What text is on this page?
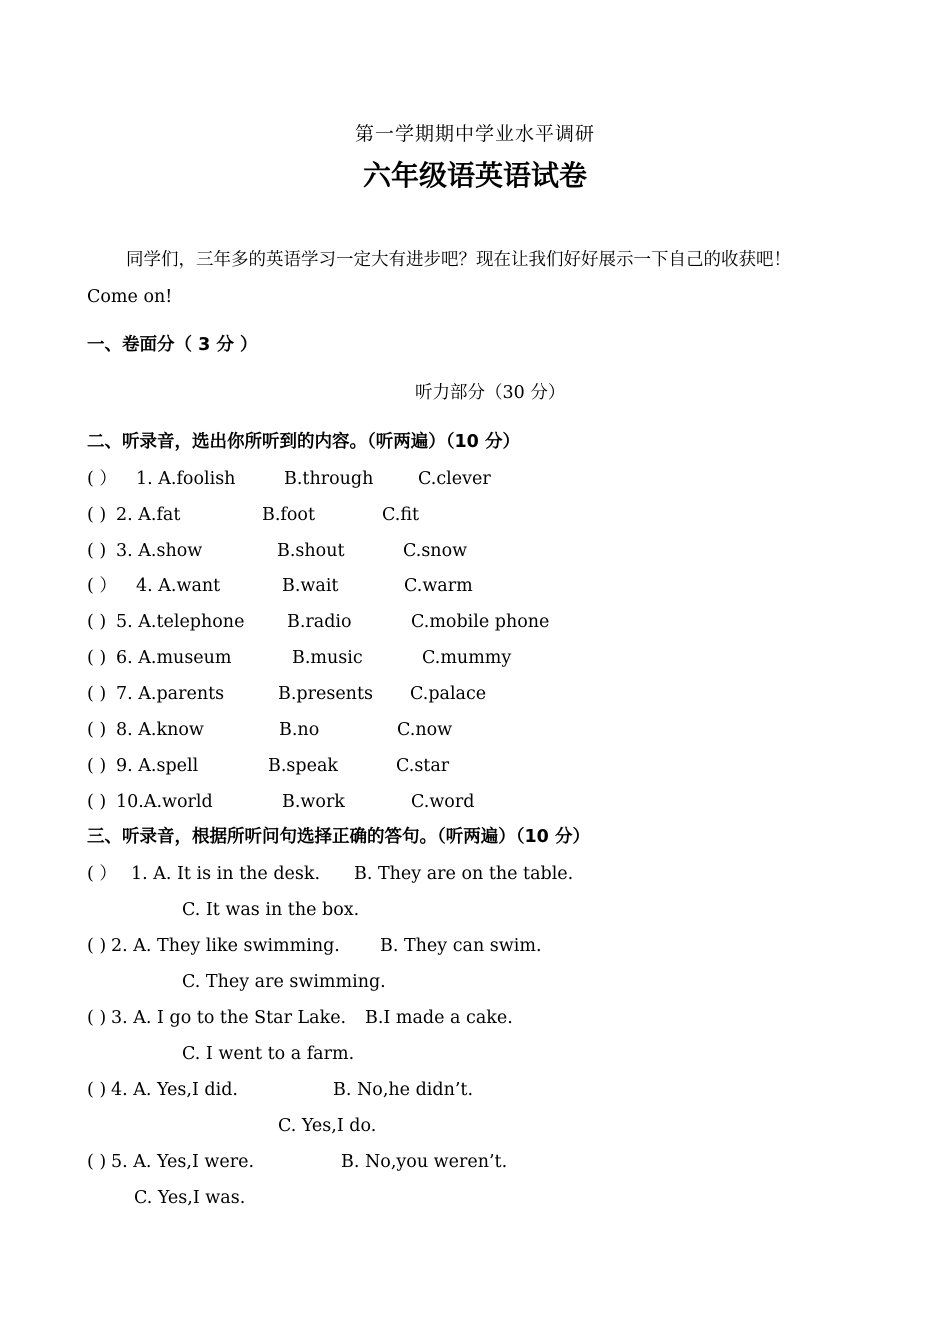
第一学期期中学业水平调研
六年级语英语试卷
同学们，三年多的英语学习一定大有进步吧？现在让我们好好展示一下自己的收获吧！
Come on!
一、卷面分（ 3 分 ）
听力部分（30 分）
二、听录音，选出你所听到的内容。（听两遍）（10 分）
( ） 1. A.foolish	B.through	C.clever
( ) 2. A.fat	B.foot	C.fit
( ) 3. A.show	B.shout	C.snow
( ） 4. A.want	B.wait	C.warm
( ) 5. A.telephone B.radio	C.mobile phone
( ) 6. A.museum	B.music	C.mummy
( ) 7. A.parents	B.presents C.palace
( ) 8. A.know	B.no	C.now
( ) 9. A.spell	B.speak	C.star
( ) 10.A.world	B.work	C.word
三、听录音，根据所听问句选择正确的答句。（听两遍）（10 分）
( ） 1. A. It is in the desk. B. They are on the table.
C. It was in the box.
( ) 2. A. They like swimming. B. They can swim.
C. They are swimming.
( ) 3. A. I go to the Star Lake. B.I made a cake.
C. I went to a farm.
( ) 4. A. Yes,I did.	B. No,he didn’t.
C. Yes,I do.
( ) 5. A. Yes,I were.	B. No,you weren’t.
C. Yes,I was.
